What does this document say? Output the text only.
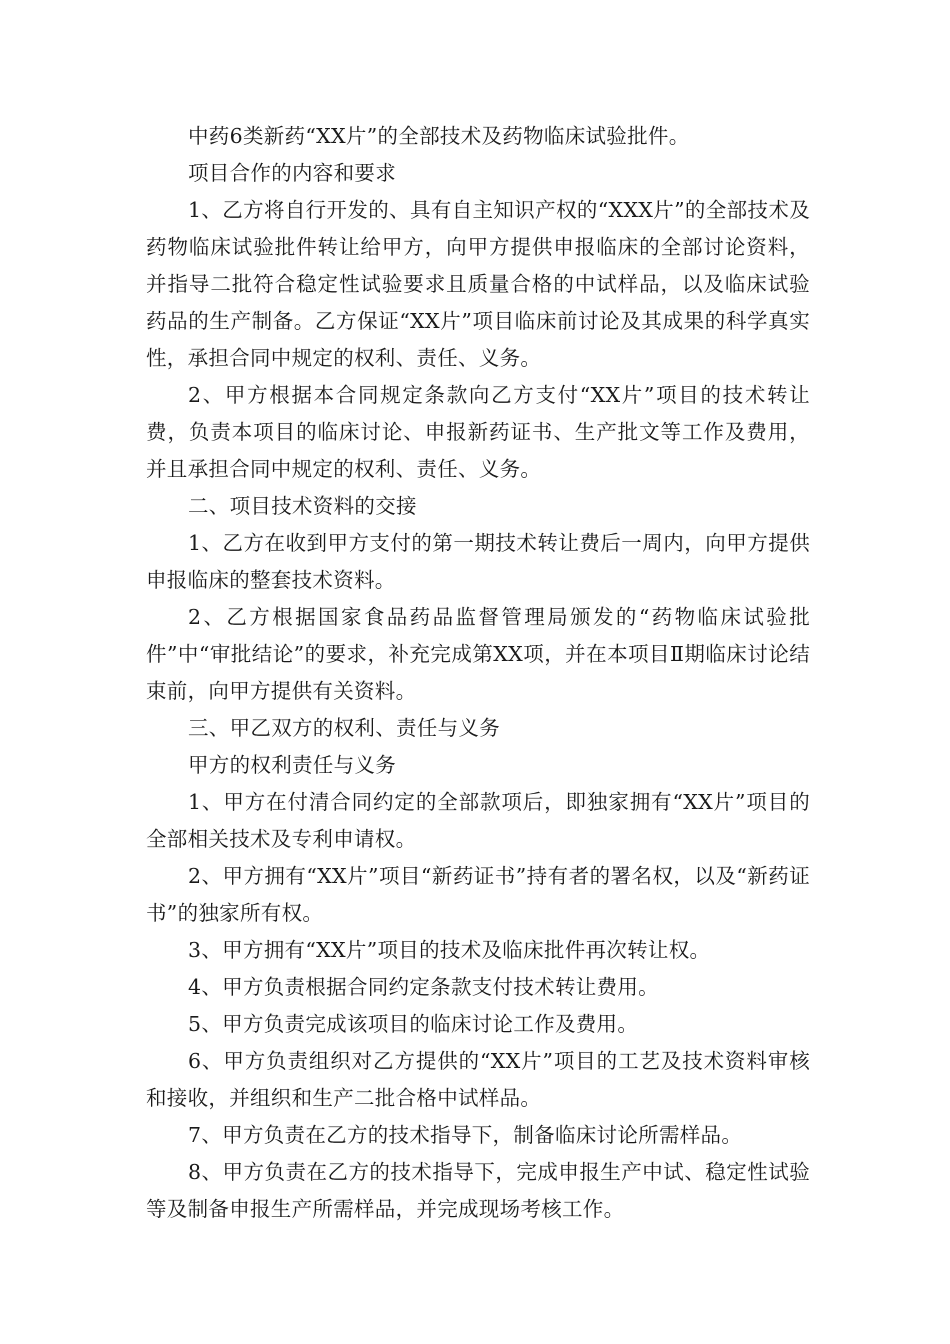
中药6类新药“XX片”的全部技术及药物临床试验批件。

项目合作的内容和要求

1、乙方将自行开发的、具有自主知识产权的“XXX片”的全部技术及药物临床试验批件转让给甲方，向甲方提供申报临床的全部讨论资料，并指导二批符合稳定性试验要求且质量合格的中试样品，以及临床试验药品的生产制备。乙方保证“XX片”项目临床前讨论及其成果的科学真实性，承担合同中规定的权利、责任、义务。

2、甲方根据本合同规定条款向乙方支付“XX片”项目的技术转让费，负责本项目的临床讨论、申报新药证书、生产批文等工作及费用，并且承担合同中规定的权利、责任、义务。

二、项目技术资料的交接

1、乙方在收到甲方支付的第一期技术转让费后一周内，向甲方提供申报临床的整套技术资料。

2、乙方根据国家食品药品监督管理局颁发的“药物临床试验批件”中“审批结论”的要求，补充完成第XX项，并在本项目Ⅱ期临床讨论结束前，向甲方提供有关资料。

三、甲乙双方的权利、责任与义务

甲方的权利责任与义务

1、甲方在付清合同约定的全部款项后，即独家拥有“XX片”项目的全部相关技术及专利申请权。

2、甲方拥有“XX片”项目“新药证书”持有者的署名权，以及“新药证书”的独家所有权。

3、甲方拥有“XX片”项目的技术及临床批件再次转让权。

4、甲方负责根据合同约定条款支付技术转让费用。

5、甲方负责完成该项目的临床讨论工作及费用。

6、甲方负责组织对乙方提供的“XX片”项目的工艺及技术资料审核和接收，并组织和生产二批合格中试样品。

7、甲方负责在乙方的技术指导下，制备临床讨论所需样品。

8、甲方负责在乙方的技术指导下，完成申报生产中试、稳定性试验等及制备申报生产所需样品，并完成现场考核工作。
